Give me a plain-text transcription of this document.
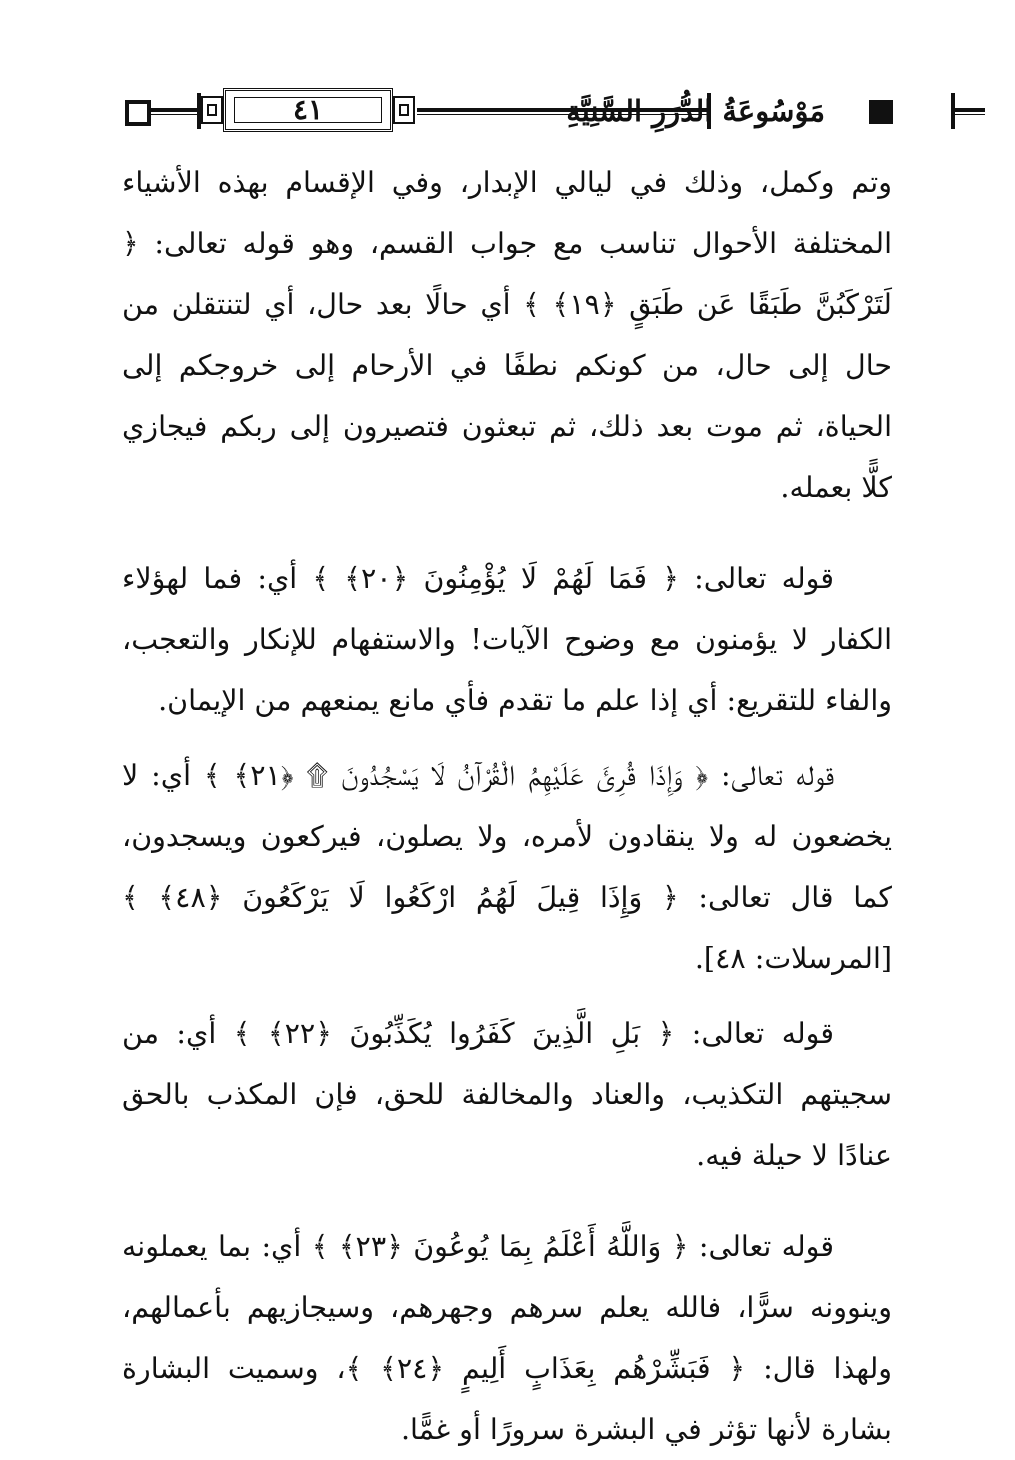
٤١	مَوْسُوعَةُ الدُّرَرِ السَّنِيَّةِ

وتم وكمل، وذلك في ليالي الإبدار، وفي الإقسام بهذه الأشياء المختلفة الأحوال تناسب مع جواب القسم، وهو قوله تعالى: ﴿ لَتَرْكَبُنَّ طَبَقًا عَن طَبَقٍ ﴿١٩﴾ ﴾ أي حالًا بعد حال، أي لتنتقلن من حال إلى حال، من كونكم نطفًا في الأرحام إلى خروجكم إلى الحياة، ثم موت بعد ذلك، ثم تبعثون فتصيرون إلى ربكم فيجازي كلًّا بعمله.

قوله تعالى: ﴿ فَمَا لَهُمْ لَا يُؤْمِنُونَ ﴿٢٠﴾ ﴾ أي: فما لهؤلاء الكفار لا يؤمنون مع وضوح الآيات! والاستفهام للإنكار والتعجب، والفاء للتقريع: أي إذا علم ما تقدم فأي مانع يمنعهم من الإيمان.

قوله تعالى: ﴿ وَإِذَا قُرِئَ عَلَيْهِمُ الْقُرْآنُ لَا يَسْجُدُونَ ۩ ﴿٢١﴾ ﴾ أي: لا يخضعون له ولا ينقادون لأمره، ولا يصلون، فيركعون ويسجدون، كما قال تعالى: ﴿ وَإِذَا قِيلَ لَهُمُ ارْكَعُوا لَا يَرْكَعُونَ ﴿٤٨﴾ ﴾ [المرسلات: ٤٨].

قوله تعالى: ﴿ بَلِ الَّذِينَ كَفَرُوا يُكَذِّبُونَ ﴿٢٢﴾ ﴾ أي: من سجيتهم التكذيب، والعناد والمخالفة للحق، فإن المكذب بالحق عنادًا لا حيلة فيه.

قوله تعالى: ﴿ وَاللَّهُ أَعْلَمُ بِمَا يُوعُونَ ﴿٢٣﴾ ﴾ أي: بما يعملونه وينوونه سرًّا، فالله يعلم سرهم وجهرهم، وسيجازيهم بأعمالهم، ولهذا قال: ﴿ فَبَشِّرْهُم بِعَذَابٍ أَلِيمٍ ﴿٢٤﴾ ﴾، وسميت البشارة بشارة لأنها تؤثر في البشرة سرورًا أو غمًّا.
